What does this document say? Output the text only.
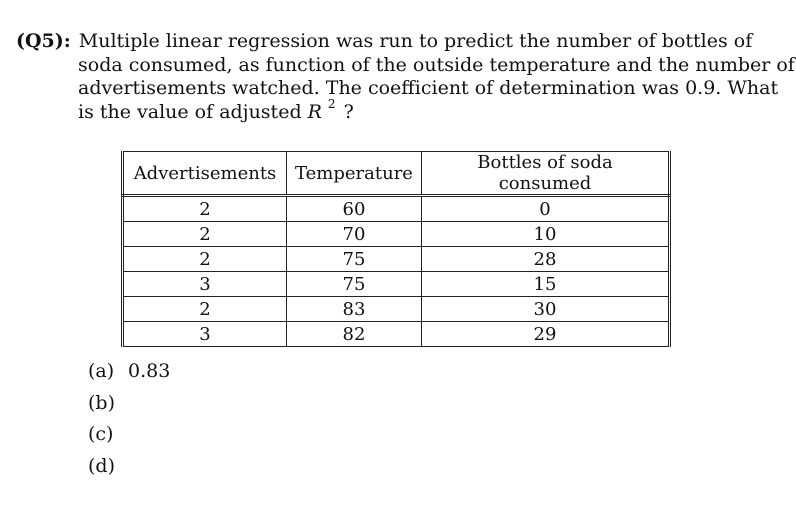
(Q5): Multiple linear regression was run to predict the number of bottles of
soda consumed, as function of the outside temperature and the number of
advertisements watched. The coefficient of determination was 0.9. What
is the value of adjusted R $^2$ ?
Advertisements	Temperature	Bottles of soda consumed
2	60	0
2	70	10
2	75	28
3	75	15
2	83	30
3	82	29
(a) 0.83
(b)
(c)
(d)
